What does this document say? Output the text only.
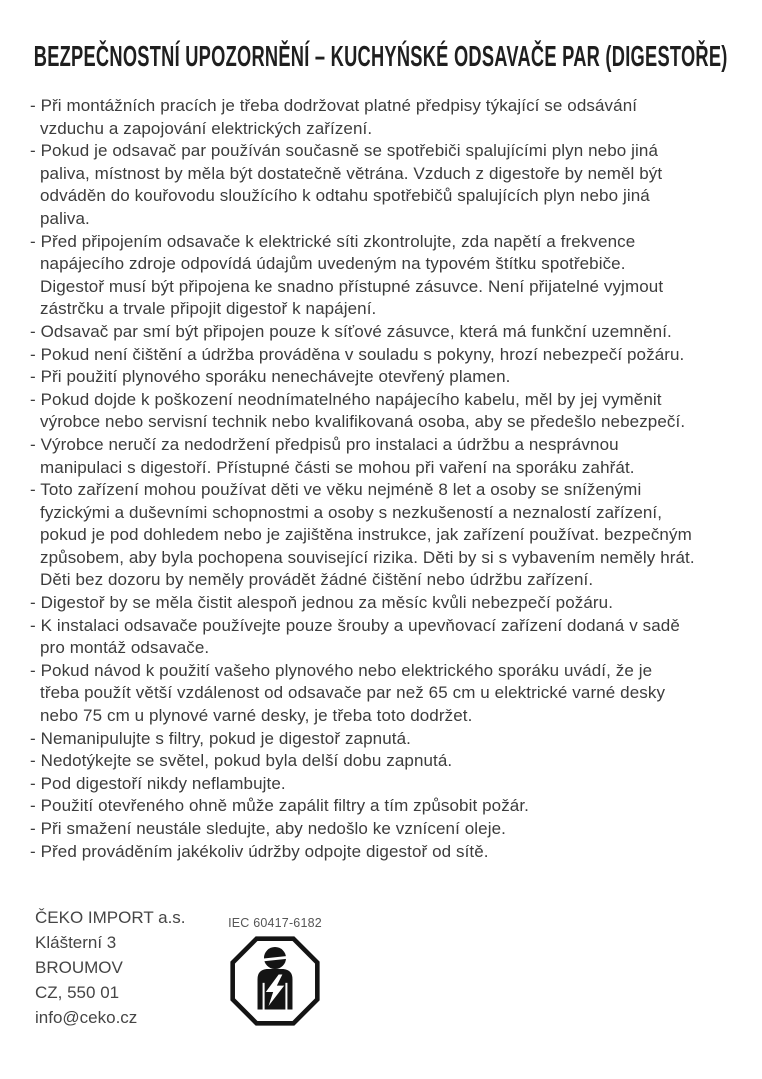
BEZPEČNOSTNÍ UPOZORNĚNÍ – KUCHYŃSKÉ ODSAVAČE PAR (DIGESTOŘE)
- Při montážních pracích je třeba dodržovat platné předpisy týkající se odsávání
vzduchu a zapojování elektrických zařízení.
- Pokud je odsavač par používán současně se spotřebiči spalujícími plyn nebo jiná
paliva, místnost by měla být dostatečně větrána. Vzduch z digestoře by neměl být
odváděn do kouřovodu sloužícího k odtahu spotřebičů spalujících plyn nebo jiná
paliva.
- Před připojením odsavače k elektrické síti zkontrolujte, zda napětí a frekvence
napájecího zdroje odpovídá údajům uvedeným na typovém štítku spotřebiče.
Digestoř musí být připojena ke snadno přístupné zásuvce. Není přijatelné vyjmout
zástrčku a trvale připojit digestoř k napájení.
- Odsavač par smí být připojen pouze k síťové zásuvce, která má funkční uzemnění.
- Pokud není čištění a údržba prováděna v souladu s pokyny, hrozí nebezpečí požáru.
- Při použití plynového sporáku nenechávejte otevřený plamen.
- Pokud dojde k poškození neodnímatelného napájecího kabelu, měl by jej vyměnit
výrobce nebo servisní technik nebo kvalifikovaná osoba, aby se předešlo nebezpečí.
- Výrobce neručí za nedodržení předpisů pro instalaci a údržbu a nesprávnou
manipulaci s digestoří. Přístupné části se mohou při vaření na sporáku zahřát.
- Toto zařízení mohou používat děti ve věku nejméně 8 let a osoby se sníženými
fyzickými a duševními schopnostmi a osoby s nezkušeností a neznalostí zařízení,
pokud je pod dohledem nebo je zajištěna instrukce, jak zařízení používat. bezpečným
způsobem, aby byla pochopena související rizika. Děti by si s vybavením neměly hrát.
Děti bez dozoru by neměly provádět žádné čištění nebo údržbu zařízení.
- Digestoř by se měla čistit alespoň jednou za měsíc kvůli nebezpečí požáru.
- K instalaci odsavače používejte pouze šrouby a upevňovací zařízení dodaná v sadě
pro montáž odsavače.
- Pokud návod k použití vašeho plynového nebo elektrického sporáku uvádí, že je
třeba použít větší vzdálenost od odsavače par než 65 cm u elektrické varné desky
nebo 75 cm u plynové varné desky, je třeba toto dodržet.
- Nemanipulujte s filtry, pokud je digestoř zapnutá.
- Nedotýkejte se světel, pokud byla delší dobu zapnutá.
- Pod digestoří nikdy neflambujte.
- Použití otevřeného ohně může zapálit filtry a tím způsobit požár.
- Při smažení neustále sledujte, aby nedošlo ke vznícení oleje.
- Před prováděním jakékoliv údržby odpojte digestoř od sítě.
ČEKO IMPORT a.s.
Klášterní 3
BROUMOV
CZ, 550 01
info@ceko.cz
IEC 60417-6182
